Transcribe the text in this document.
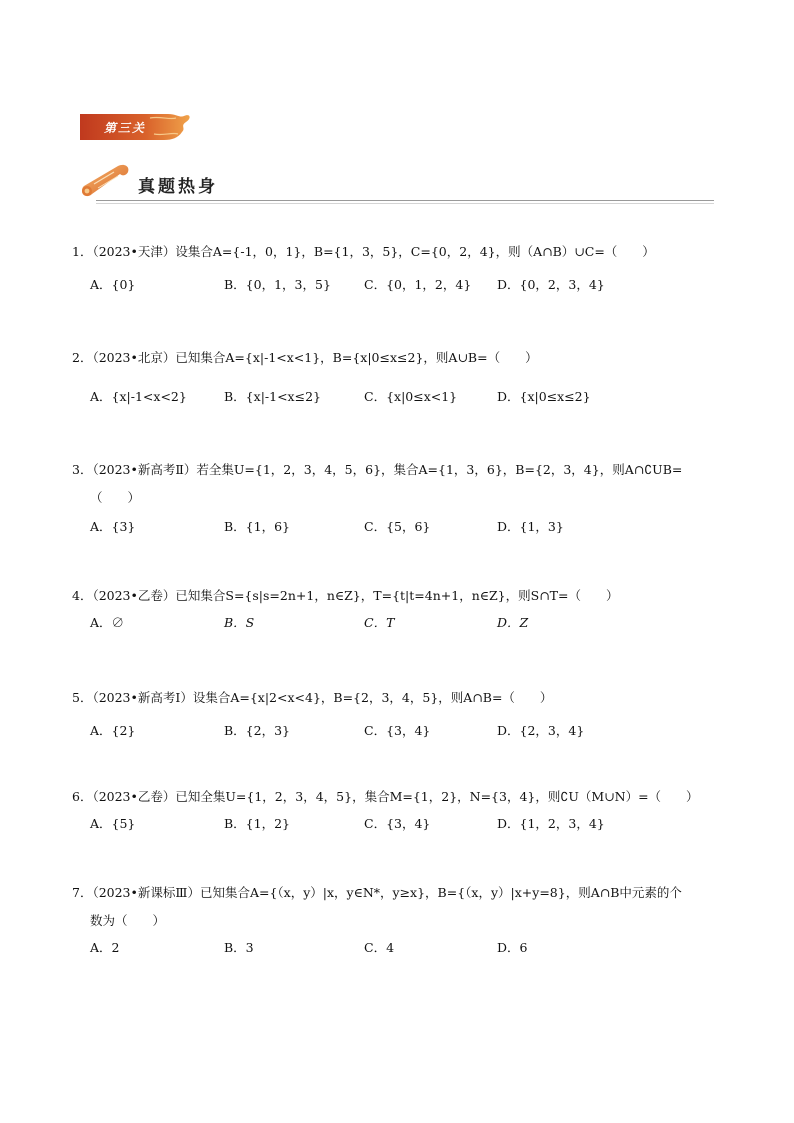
第三关
真题热身
1．（2023•天津）设集合A={-1，0，1}，B={1，3，5}，C={0，2，4}，则（A∩B）∪C=（　　）
A．{0}	B．{0，1，3，5}	C．{0，1，2，4} D．{0，2，3，4}
2．（2023•北京）已知集合A={x|-1<x<1}，B={x|0≤x≤2}，则A∪B=（　　）
A．{x|-1<x<2}	B．{x|-1<x≤2}	C．{x|0≤x<1}	D．{x|0≤x≤2}
3．（2023•新高考Ⅱ）若全集U={1，2，3，4，5，6}，集合A={1，3，6}，B={2，3，4}，则A∩∁UB=
（　　）
A．{3}	B．{1，6}	C．{5，6}	D．{1，3}
4．（2023•乙卷）已知集合S={s|s=2n+1，n∈Z}，T={t|t=4n+1，n∈Z}，则S∩T=（　　）
A．∅	B．S	C．T	D．Z
5．（2023•新高考Ⅰ）设集合A={x|2<x<4}，B={2，3，4，5}，则A∩B=（　　）
A．{2}	B．{2，3}	C．{3，4}	D．{2，3，4}
6．（2023•乙卷）已知全集U={1，2，3，4，5}，集合M={1，2}，N={3，4}，则∁U（M∪N）=（　　）
A．{5}	B．{1，2}	C．{3，4}	D．{1，2，3，4}
7．（2023•新课标Ⅲ）已知集合A={（x，y）|x，y∈N*，y≥x}，B={（x，y）|x+y=8}，则A∩B中元素的个
数为（　　）
A．2	B．3	C．4	D．6
